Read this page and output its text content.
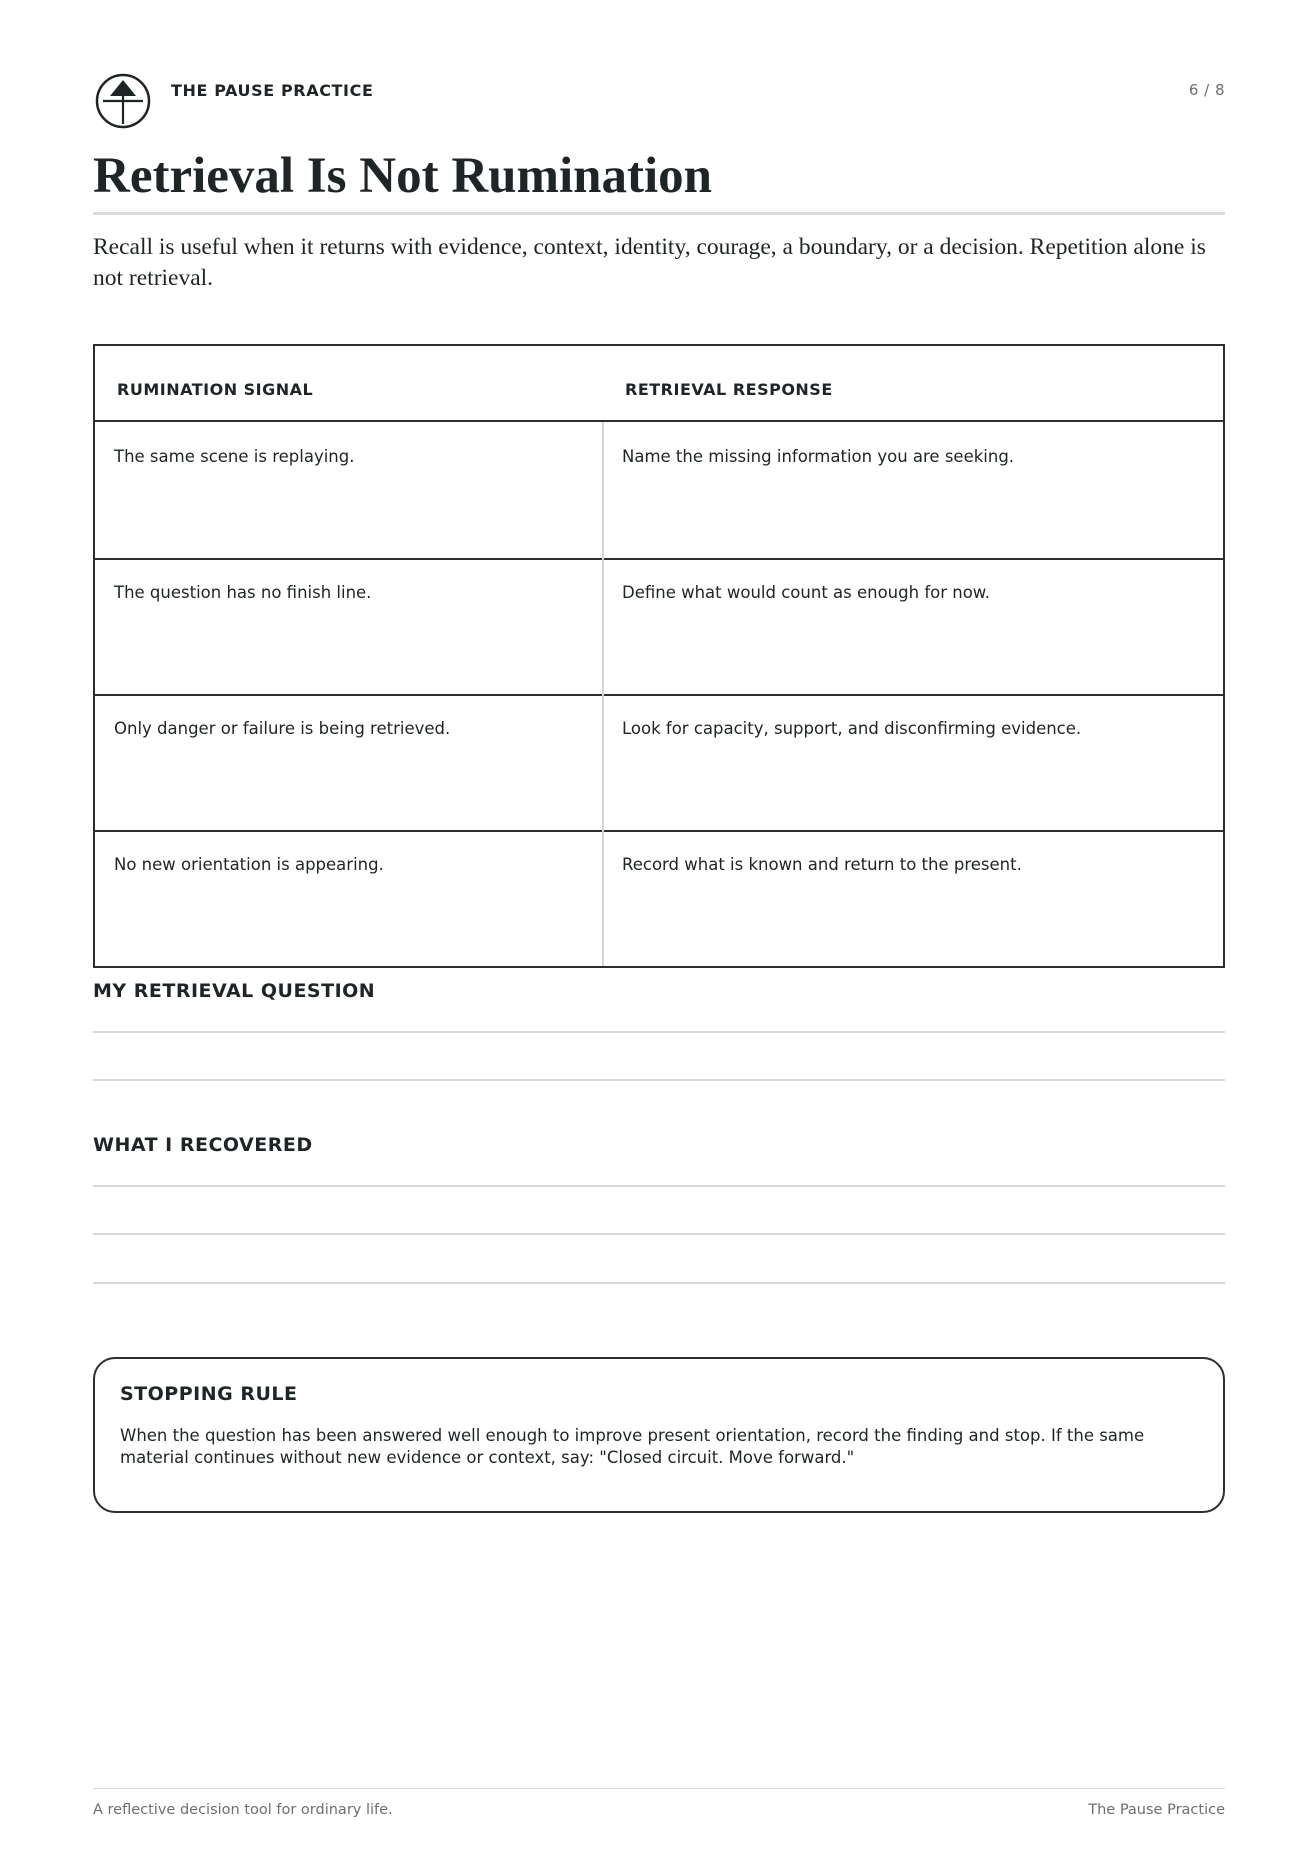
THE PAUSE PRACTICE	6 / 8
Retrieval Is Not Rumination

Recall is useful when it returns with evidence, context, identity, courage, a boundary, or a decision. Repetition alone is not retrieval.

RUMINATION SIGNAL	RETRIEVAL RESPONSE
The same scene is replaying.	Name the missing information you are seeking.
The question has no finish line.	Define what would count as enough for now.
Only danger or failure is being retrieved.	Look for capacity, support, and disconfirming evidence.
No new orientation is appearing.	Record what is known and return to the present.
MY RETRIEVAL QUESTION
WHAT I RECOVERED
STOPPING RULE

When the question has been answered well enough to improve present orientation, record the finding and stop. If the same material continues without new evidence or context, say: "Closed circuit. Move forward."

A reflective decision tool for ordinary life.	The Pause Practice
